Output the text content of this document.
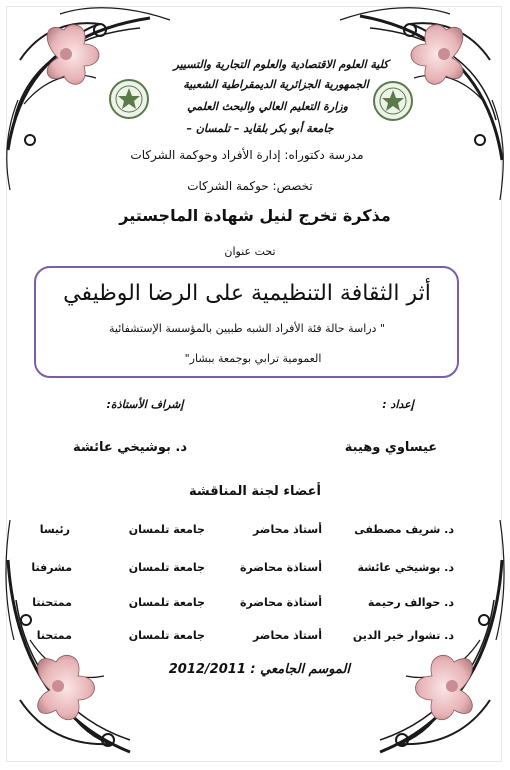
كلية العلوم الاقتصادية والعلوم التجارية والتسيير
الجمهورية الجزائرية الديمقراطية الشعبية
وزارة التعليم العالي والبحث العلمي
جامعة أبو بكر بلقايد – تلمسان –
مدرسة دكتوراه: إدارة الأفراد وحوكمة الشركات
تخصص: حوكمة الشركات
مذكرة تخرج لنيل شهادة الماجستير
تحت عنوان
أثر الثقافة التنظيمية على الرضا الوظيفي
" دراسة حالة فئة الأفراد الشبه طبيين بالمؤسسة الإستشفائية
العمومية ترابي بوجمعة ببشار"
إعداد :
إشراف الأستاذة:
عيساوي وهيبة
د. بوشيخي عائشة
أعضاء لجنة المناقشة
د. شريف مصطفى
أستاذ محاضر
جامعة تلمسان
رئيسا
د. بوشيخي عائشة
أستاذة محاضرة
جامعة تلمسان
مشرفتا
د. حوالف رحيمة
أستاذة محاضرة
جامعة تلمسان
ممتحنتا
د. تشوار خير الدين
أستاذ محاضر
جامعة تلمسان
ممتحنا
الموسم الجامعي : 2012/2011
